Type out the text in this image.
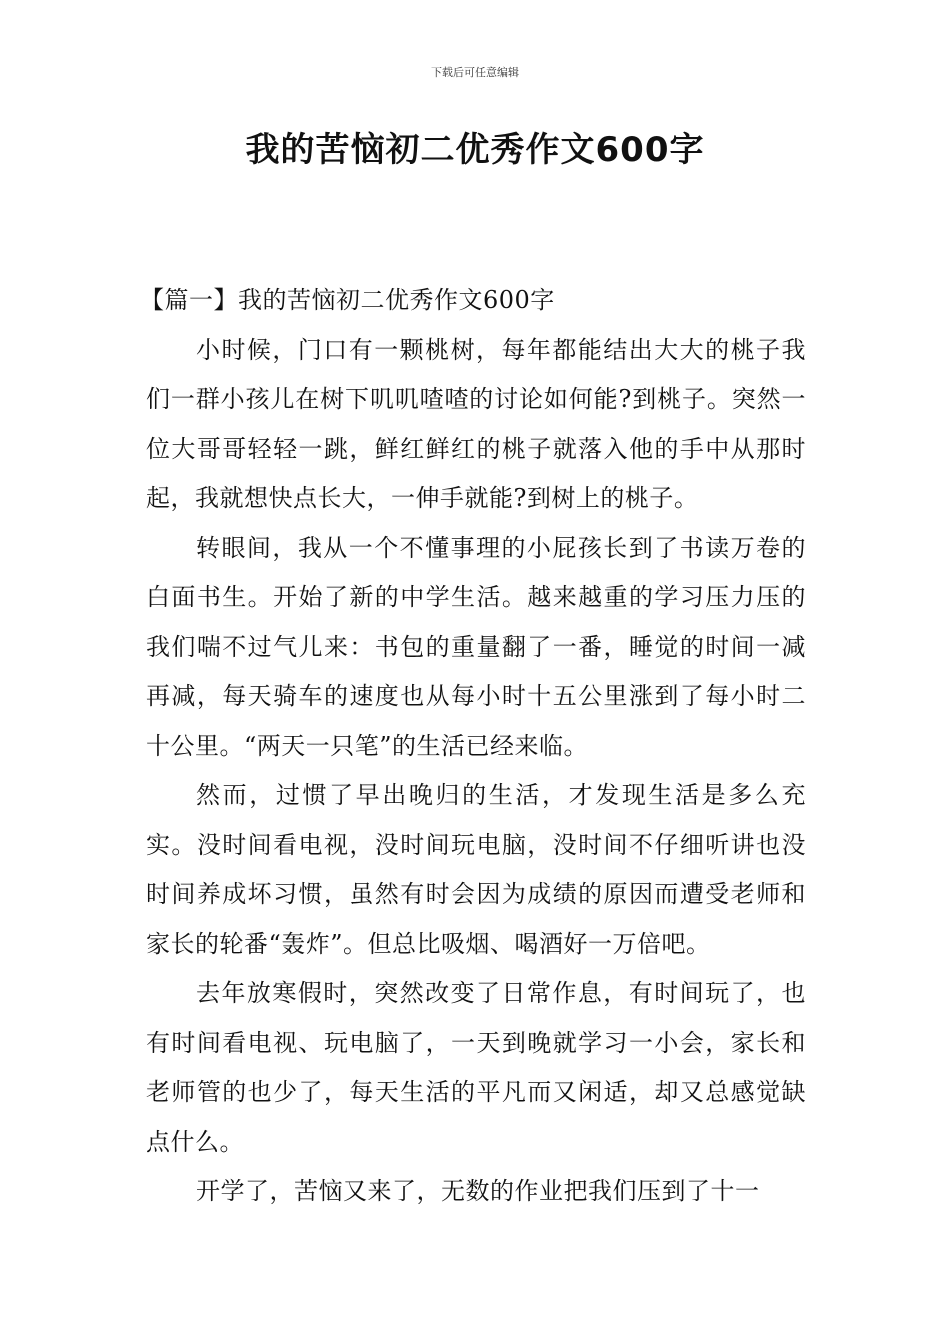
下载后可任意编辑
我的苦恼初二优秀作文600字

【篇一】我的苦恼初二优秀作文600字

小时候，门口有一颗桃树，每年都能结出大大的桃子我们一群小孩儿在树下叽叽喳喳的讨论如何能?到桃子。突然一位大哥哥轻轻一跳，鲜红鲜红的桃子就落入他的手中从那时起，我就想快点长大，一伸手就能?到树上的桃子。

转眼间，我从一个不懂事理的小屁孩长到了书读万卷的白面书生。开始了新的中学生活。越来越重的学习压力压的我们喘不过气儿来：书包的重量翻了一番，睡觉的时间一减再减，每天骑车的速度也从每小时十五公里涨到了每小时二十公里。“两天一只笔”的生活已经来临。

然而，过惯了早出晚归的生活，才发现生活是多么充实。没时间看电视，没时间玩电脑，没时间不仔细听讲也没时间养成坏习惯，虽然有时会因为成绩的原因而遭受老师和家长的轮番“轰炸”。但总比吸烟、喝酒好一万倍吧。

去年放寒假时，突然改变了日常作息，有时间玩了，也有时间看电视、玩电脑了，一天到晚就学习一小会，家长和老师管的也少了，每天生活的平凡而又闲适，却又总感觉缺点什么。

开学了，苦恼又来了，无数的作业把我们压到了十一
